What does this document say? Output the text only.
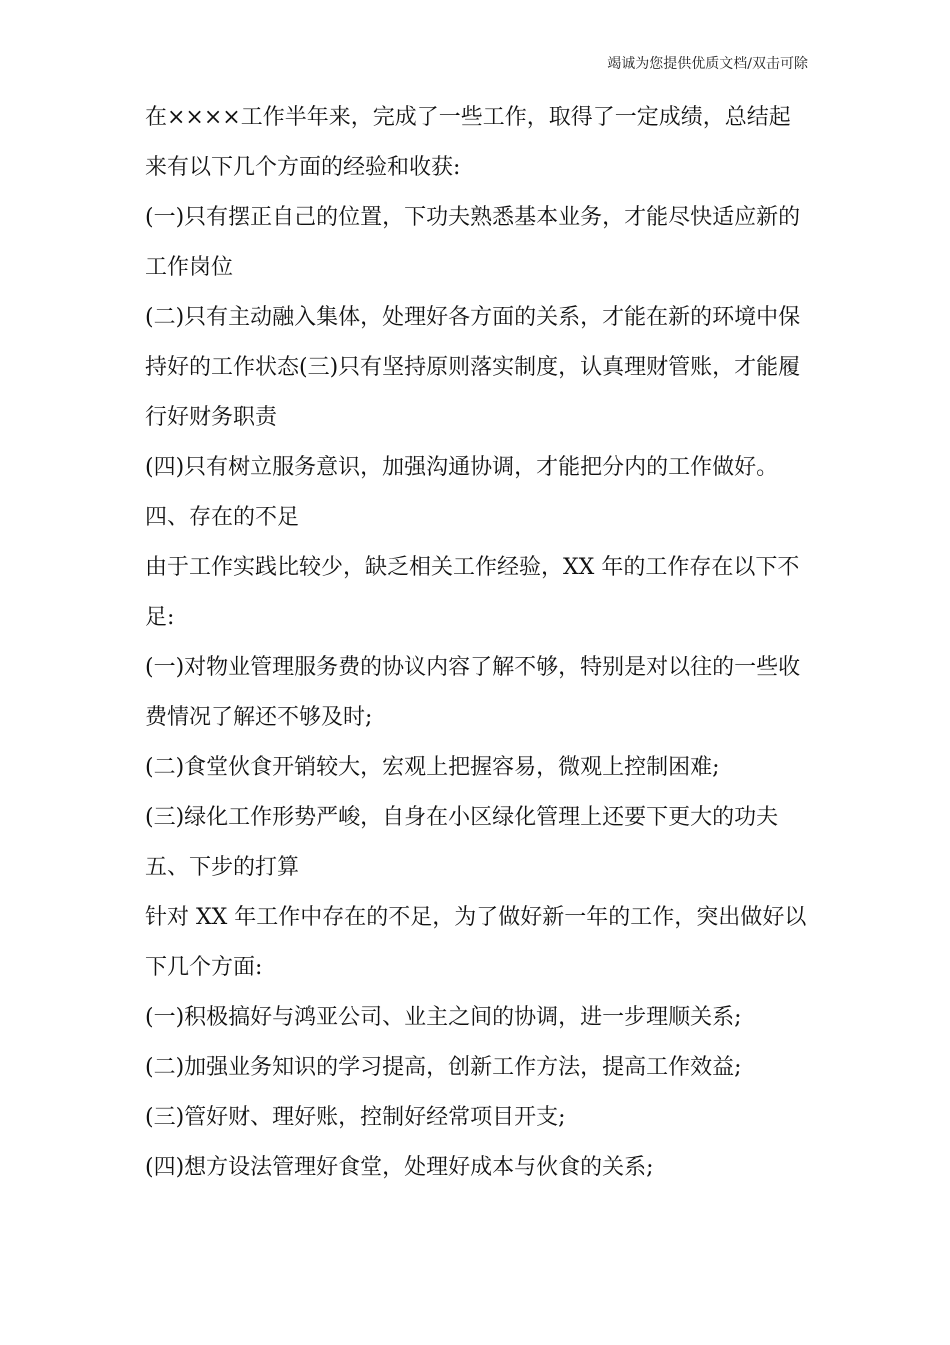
竭诚为您提供优质文档/双击可除
在××××工作半年来，完成了一些工作，取得了一定成绩，总结起
来有以下几个方面的经验和收获:
(一)只有摆正自己的位置，下功夫熟悉基本业务，才能尽快适应新的
工作岗位
(二)只有主动融入集体，处理好各方面的关系，才能在新的环境中保
持好的工作状态(三)只有坚持原则落实制度，认真理财管账，才能履
行好财务职责
(四)只有树立服务意识，加强沟通协调，才能把分内的工作做好。
四、存在的不足
由于工作实践比较少，缺乏相关工作经验，XX 年的工作存在以下不
足:
(一)对物业管理服务费的协议内容了解不够，特别是对以往的一些收
费情况了解还不够及时;
(二)食堂伙食开销较大，宏观上把握容易，微观上控制困难;
(三)绿化工作形势严峻，自身在小区绿化管理上还要下更大的功夫
五、下步的打算
针对 XX 年工作中存在的不足，为了做好新一年的工作，突出做好以
下几个方面:
(一)积极搞好与鸿亚公司、业主之间的协调，进一步理顺关系;
(二)加强业务知识的学习提高，创新工作方法，提高工作效益;
(三)管好财、理好账，控制好经常项目开支;
(四)想方设法管理好食堂，处理好成本与伙食的关系;
